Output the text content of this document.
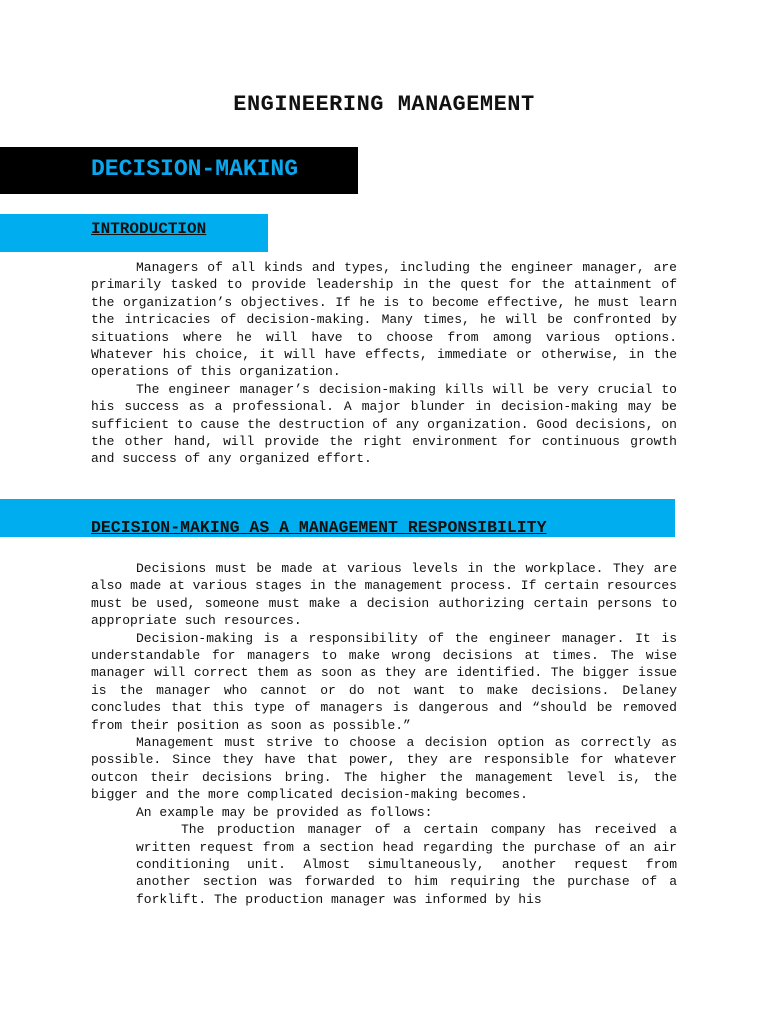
ENGINEERING MANAGEMENT
DECISION-MAKING
INTRODUCTION

Managers of all kinds and types, including the engineer manager, are primarily tasked to provide leadership in the quest for the attainment of the organization’s objectives. If he is to become effective, he must learn the intricacies of decision-making. Many times, he will be confronted by situations where he will have to choose from among various options. Whatever his choice, it will have effects, immediate or otherwise, in the operations of this organization.

The engineer manager’s decision-making kills will be very crucial to his success as a professional. A major blunder in decision-making may be sufficient to cause the destruction of any organization. Good decisions, on the other hand, will provide the right environment for continuous growth and success of any organized effort.

DECISION-MAKING AS A MANAGEMENT RESPONSIBILITY

Decisions must be made at various levels in the workplace. They are also made at various stages in the management process. If certain resources must be used, someone must make a decision authorizing certain persons to appropriate such resources.

Decision-making is a responsibility of the engineer manager. It is understandable for managers to make wrong decisions at times. The wise manager will correct them as soon as they are identified. The bigger issue is the manager who cannot or do not want to make decisions. Delaney concludes that this type of managers is dangerous and “should be removed from their position as soon as possible.”

Management must strive to choose a decision option as correctly as possible. Since they have that power, they are responsible for whatever outcon their decisions bring. The higher the management level is, the bigger and the more complicated decision-making becomes.

An example may be provided as follows:

The production manager of a certain company has received a written request from a section head regarding the purchase of an air conditioning unit. Almost simultaneously, another request from another section was forwarded to him requiring the purchase of a forklift. The production manager was informed by his
